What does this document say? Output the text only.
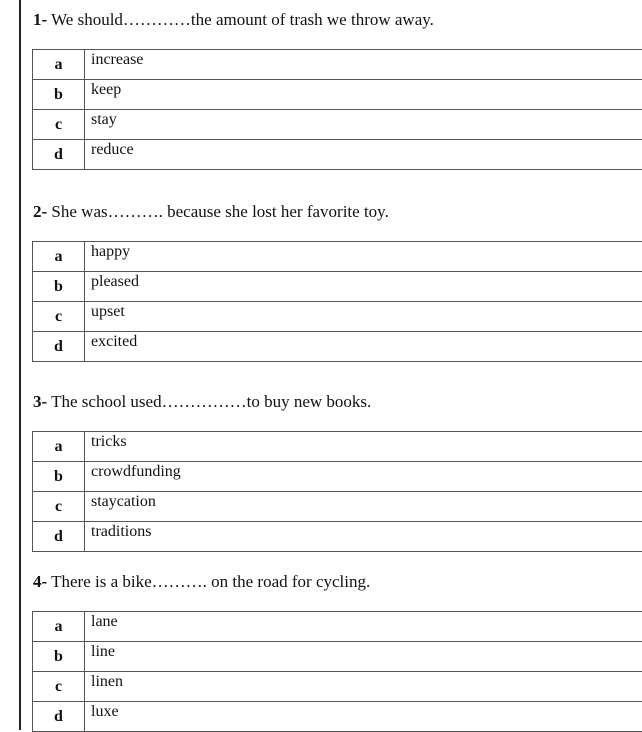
1- We should…………the amount of trash we throw away.
a	increase
b	keep
c	stay
d	reduce
2- She was………. because she lost her favorite toy.
a	happy
b	pleased
c	upset
d	excited
3- The school used……………to buy new books.
a	tricks
b	crowdfunding
c	staycation
d	traditions
4- There is a bike………. on the road for cycling.
a	lane
b	line
c	linen
d	luxe
